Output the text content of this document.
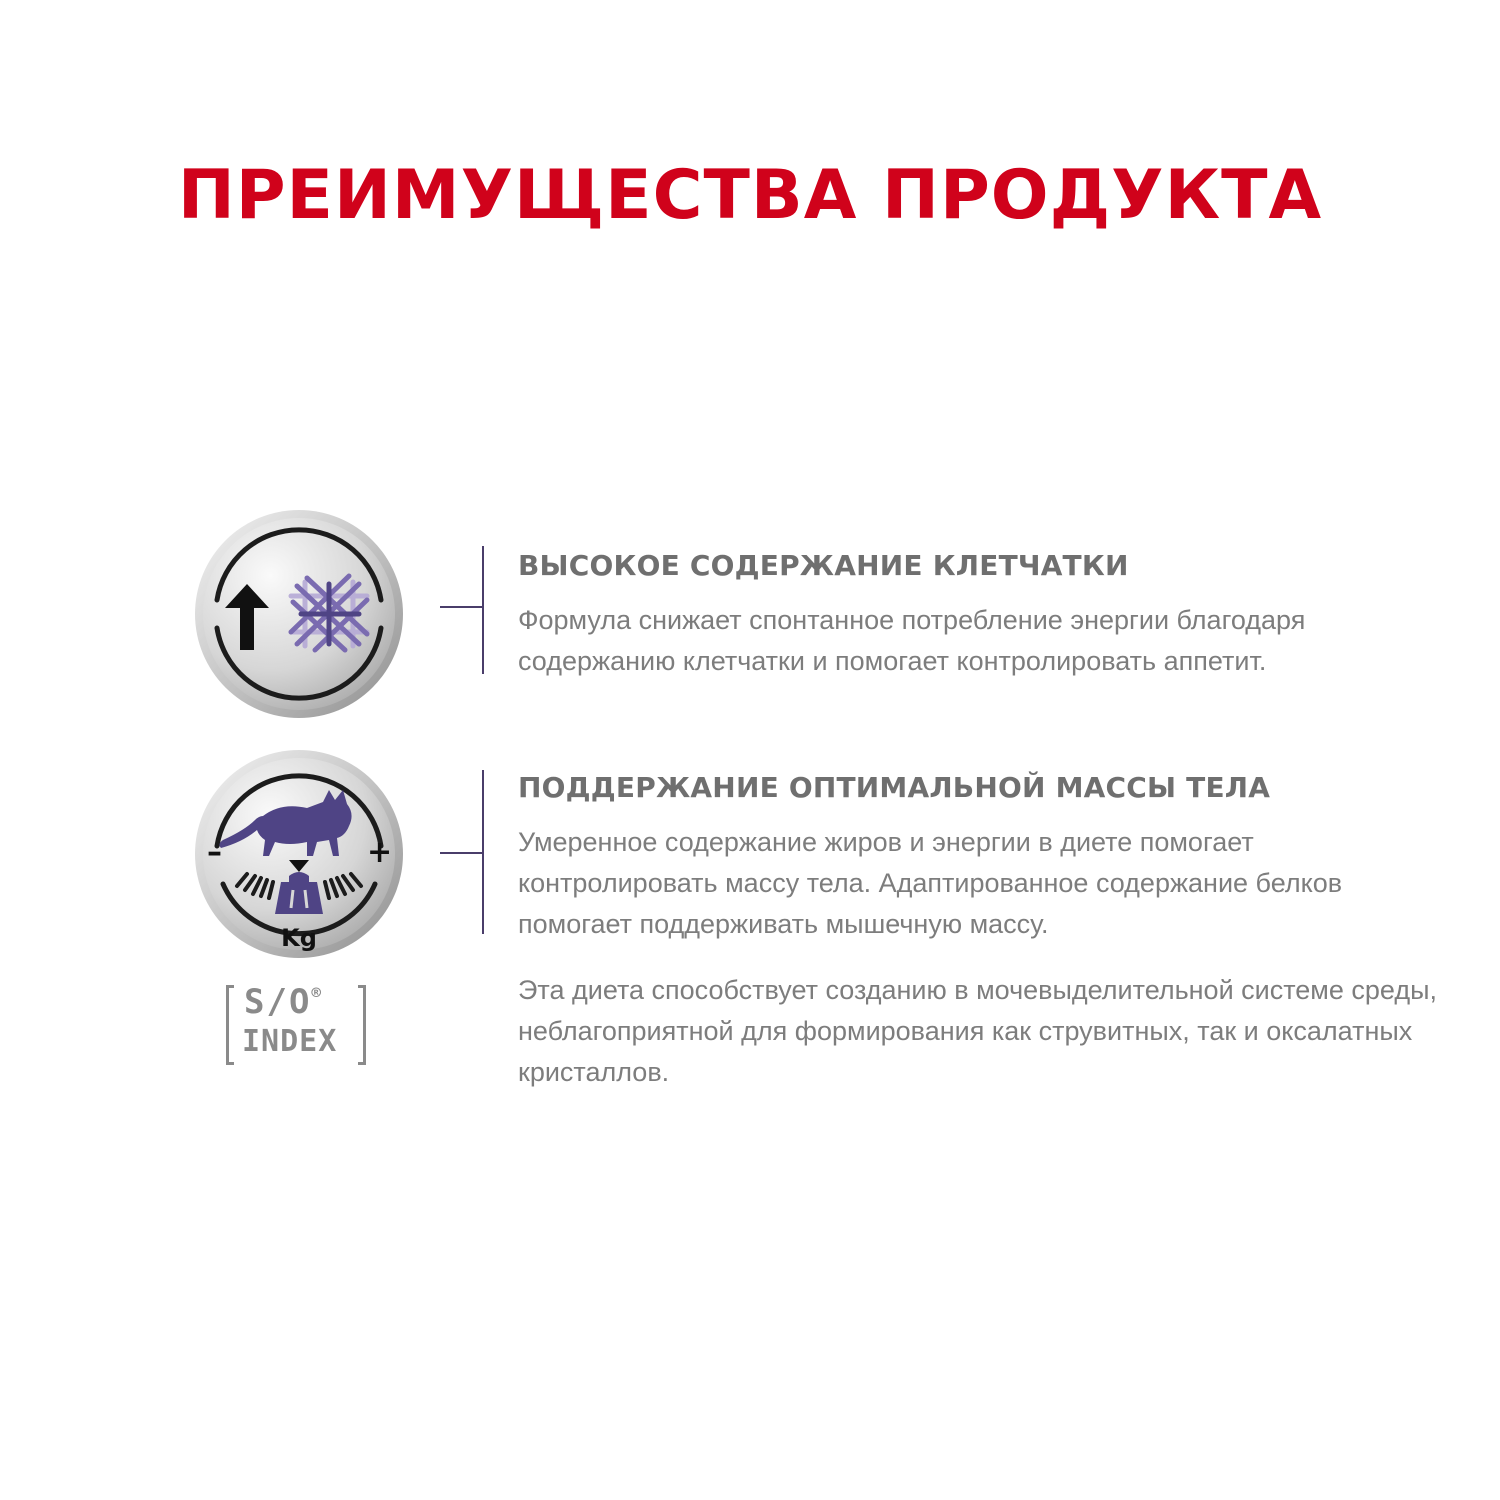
ПРЕИМУЩЕСТВА ПРОДУКТА
ВЫСОКОЕ СОДЕРЖАНИЕ КЛЕТЧАТКИ
Формула снижает спонтанное потребление энергии благодаря
содержанию клетчатки и помогает контролировать аппетит.
–	+
Kg
ПОДДЕРЖАНИЕ ОПТИМАЛЬНОЙ МАССЫ ТЕЛА
Умеренное содержание жиров и энергии в диете помогает
контролировать массу тела. Адаптированное содержание белков
помогает поддерживать мышечную массу.
S/O®
INDEX
Эта диета способствует созданию в мочевыделительной системе среды,
неблагоприятной для формирования как струвитных, так и оксалатных
кристаллов.
